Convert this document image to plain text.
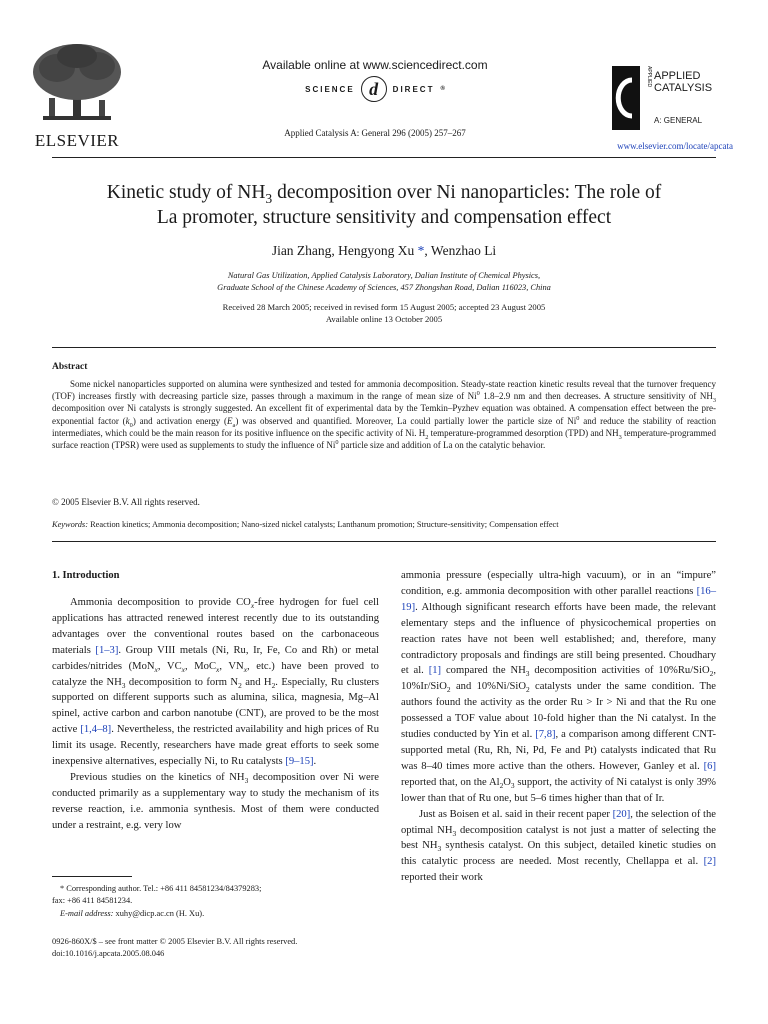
ELSEVIER
Available online at www.sciencedirect.com
SCIENCE d	DIRECT ®
Applied Catalysis A: General 296 (2005) 257–267
APPLIED APPLIED
CATALYSIS
A: GENERAL
www.elsevier.com/locate/apcata
Kinetic study of $NH_3$ decomposition over Ni nanoparticles: The role of
La promoter, structure sensitivity and compensation effect
Jian Zhang, Hengyong Xu *, Wenzhao Li
Natural Gas Utilization, Applied Catalysis Laboratory, Dalian Institute of Chemical Physics,
Graduate School of the Chinese Academy of Sciences, 457 Zhongshan Road, Dalian 116023, China
Received 28 March 2005; received in revised form 15 August 2005; accepted 23 August 2005
Available online 13 October 2005
Abstract

Some nickel nanoparticles supported on alumina were synthesized and tested for ammonia decomposition. Steady-state reaction kinetic results reveal that the turnover frequency (TOF) increases firstly with decreasing particle size, passes through a maximum in the range of mean size of Ni$^0$ 1.8–2.9 nm and then decreases. A structure sensitivity of $NH_3$ decomposition over Ni catalysts is strongly suggested. An excellent fit of experimental data by the Temkin–Pyzhev equation was obtained. A compensation effect between the pre-exponential factor $(k_0)$ and activation energy $(E_a)$ was observed and quantified. Moreover, La could partially lower the particle size of Ni$^0$ and reduce the stability of reaction intermediates, which could be the main reason for its positive influence on the specific activity of Ni. $H_2$ temperature-programmed desorption (TPD) and $NH_3$ temperature-programmed surface reaction (TPSR) were used as supplements to study the influence of Ni$^0$ particle size and addition of La on the catalytic behavior.

© 2005 Elsevier B.V. All rights reserved.
Keywords: Reaction kinetics; Ammonia decomposition; Nano-sized nickel catalysts; Lanthanum promotion; Structure-sensitivity; Compensation effect
1. Introduction

Ammonia decomposition to provide $CO_x$-free hydrogen for fuel cell applications has attracted renewed interest recently due to its outstanding advantages over the conventional routes based on the carbonaceous materials [1–3]. Group VIII metals (Ni, Ru, Ir, Fe, Co and Rh) or metal carbides/nitrides (MoN$_x$, $VC_x$, MoC$_x$, $VN_x$, etc.) have been proved to catalyze the $NH_3$ decomposition to form $N_2$ and $H_2$. Especially, Ru clusters supported on different supports such as alumina, silica, magnesia, Mg–Al spinel, active carbon and carbon nanotube (CNT), are proved to be the most active [1,4–8]. Nevertheless, the restricted availability and high prices of Ru limit its usage. Recently, researchers have made great efforts to seek some inexpensive alternatives, especially Ni, to Ru catalysts [9–15].

Previous studies on the kinetics of $NH_3$ decomposition over Ni were conducted primarily as a supplementary way to study the mechanism of its reverse reaction, i.e. ammonia synthesis. Most of them were conducted under a restraint, e.g. very low

ammonia pressure (especially ultra-high vacuum), or in an “impure” condition, e.g. ammonia decomposition with other parallel reactions [16–19]. Although significant research efforts have been made, the relevant elementary steps and the influence of physicochemical properties on reaction rates have not been well established; and, therefore, many contradictory proposals and findings are still being presented. Choudhary et al. [1] compared the $NH_3$ decomposition activities of 10%Ru/SiO$_2$, 10%Ir/SiO$_2$ and 10%Ni/SiO$_2$ catalysts under the same condition. The authors found the activity as the order Ru > Ir > Ni and that the Ru one possessed a TOF value about 10-fold higher than the Ni catalyst. In the studies conducted by Yin et al. [7,8], a comparison among different CNT-supported metal (Ru, Rh, Ni, Pd, Fe and Pt) catalysts indicated that Ru was 8–40 times more active than the others. However, Ganley et al. [6] reported that, on the $Al_2O_3$ support, the activity of Ni catalyst is only 39% lower than that of Ru one, but 5–6 times higher than that of Ir.

Just as Boisen et al. said in their recent paper [20], the selection of the optimal $NH_3$ decomposition catalyst is not just a matter of selecting the best $NH_3$ synthesis catalyst. On this subject, detailed kinetic studies on this catalytic process are needed. Most recently, Chellappa et al. [2] reported their work

* Corresponding author. Tel.: +86 411 84581234/84379283;
fax: +86 411 84581234.
E-mail address: xuhy@dicp.ac.cn (H. Xu).
0926-860X/$ – see front matter © 2005 Elsevier B.V. All rights reserved.
doi:10.1016/j.apcata.2005.08.046
